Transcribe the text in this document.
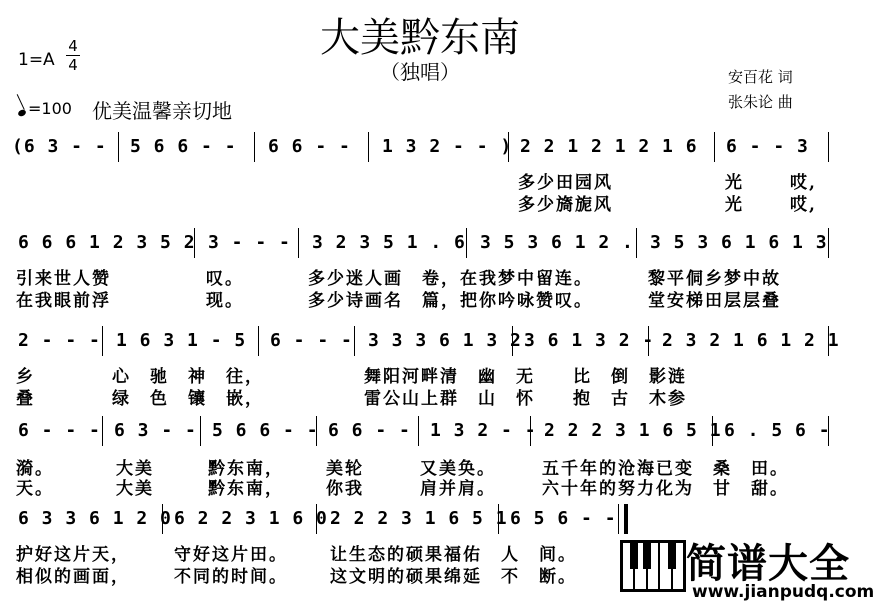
大美黔东南
（独唱）
1=A
4
4
=100 优美温馨亲切地
安百花 词
张朱论 曲
(6 3 - - 5 6 6 - - 6 6 - - 1 3 2 - - ) 2 2 1 2 1 2 1 6 6 - - 3
多少田园风	光	哎,
多少旖旎风	光	哎,
6 6 6 1 2 3 5 2 3 - - - 3 2 3 5 1 . 6 3 5 3 6 1 2 . 3 5 3 6 1 6 1 3
引来世人赞	叹。	多少迷人画　卷，在我梦中留连。	黎平侗乡梦中故
在我眼前浮	现。	多少诗画名　篇，把你吟咏赞叹。	堂安梯田层层叠
2 - - - 1 6 3 1 - 5 6 - - - 3 3 3 6 1 3 2 3 6 1 3 2 - 2 3 2 1 6 1 2 1
乡	心　驰　神　往，	舞阳河畔清　幽　无　　比　倒　影涟
叠	绿　色　镶　嵌，	雷公山上群　山　怀　　抱　古　木参
6 - - - 6 3 - - 5 6 6 - - 6 6 - - 1 3 2 - - 2 2 2 3 1 6 5 1 6 . 5 6 -
漪。	大美	黔东南， 美轮	又美奂。	五千年的沧海已变　桑　田。
天。	大美	黔东南， 你我	肩并肩。	六十年的努力化为　甘　甜。
6 3 3 6 1 2 0 6 2 2 3 1 6 0 2 2 2 3 1 6 5 1 6 5 6 - -
护好这片天，	守好这片田。 让生态的硕果福佑　人　间。
相似的画面，	不同的时间。 这文明的硕果绵延　不　断。	简谱大全
www.jianpudq.com
